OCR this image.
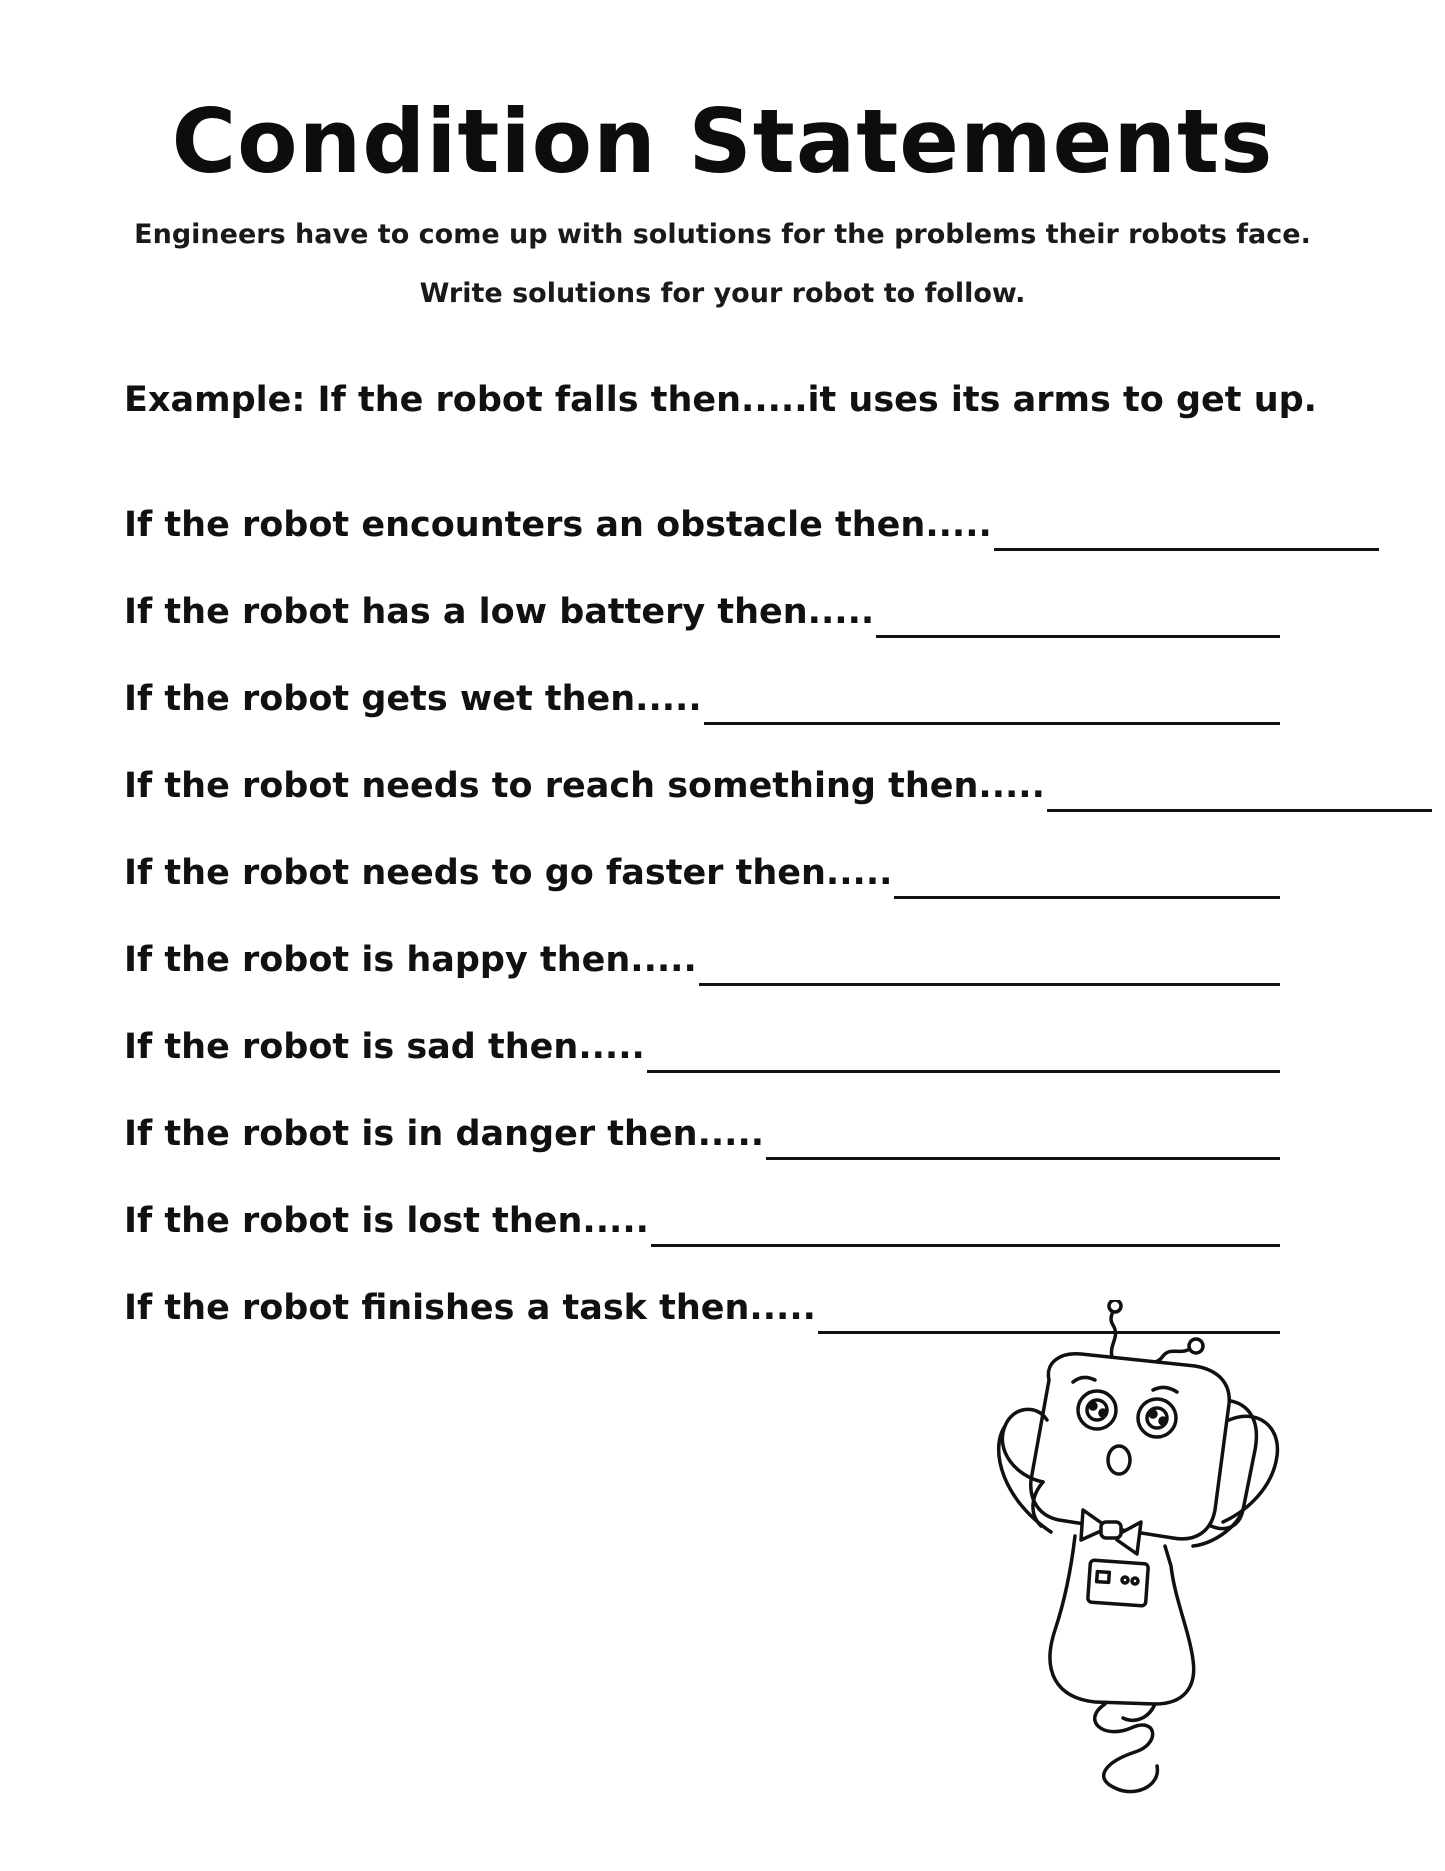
Condition Statements

Engineers have to come up with solutions for the problems their robots face.

Write solutions for your robot to follow.

Example: If the robot falls then.....it uses its arms to get up.
If the robot encounters an obstacle then.....
If the robot has a low battery then.....
If the robot gets wet then.....
If the robot needs to reach something then.....
If the robot needs to go faster then.....
If the robot is happy then.....
If the robot is sad then.....
If the robot is in danger then.....
If the robot is lost then.....
If the robot finishes a task then.....
